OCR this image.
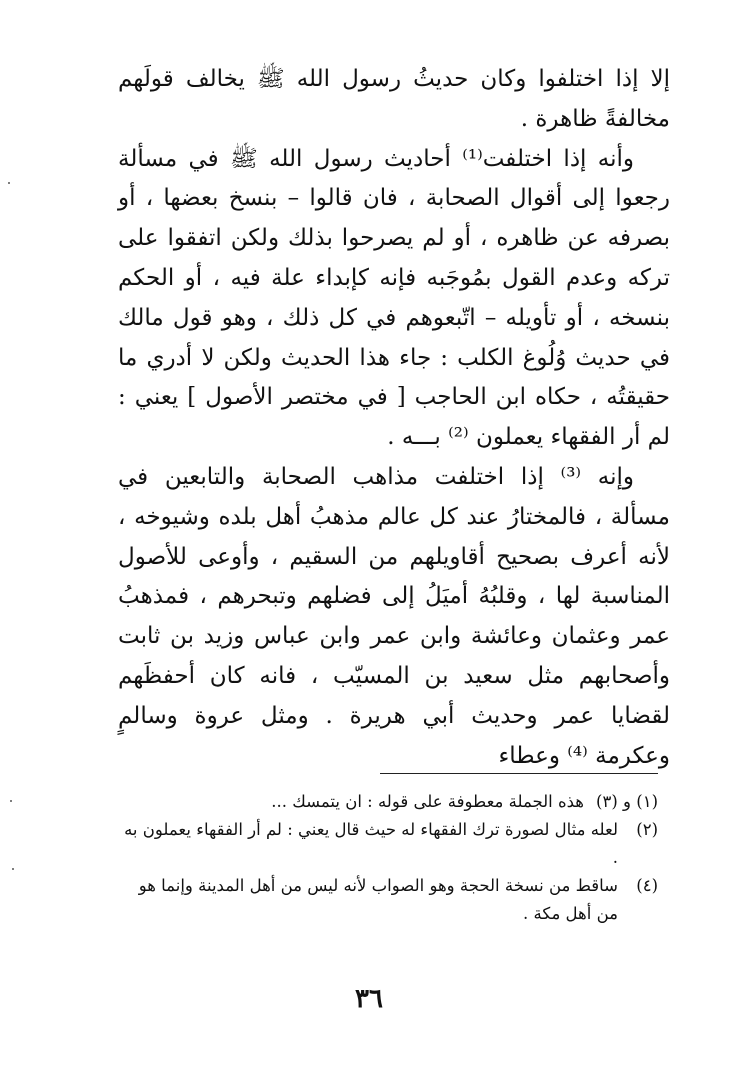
إلا إذا اختلفوا وكان حديثُ رسول الله ﷺ يخالف قولَهم مخالفةً ظاهرة .

وأنه إذا اختلفت⁽¹⁾ أحاديث رسول الله ﷺ في مسألة رجعوا إلى أقوال الصحابة ، فان قالوا – بنسخ بعضها ، أو بصرفه عن ظاهره ، أو لم يصرحوا بذلك ولكن اتفقوا على تركه وعدم القول بمُوجَبه فإنه كإبداء علة فيه ، أو الحكم بنسخه ، أو تأويله – اتّبعوهم في كل ذلك ، وهو قول مالك في حديث وُلُوغ الكلب : جاء هذا الحديث ولكن لا أدري ما حقيقتُه ، حكاه ابن الحاجب [ في مختصر الأصول ] يعني : لم أر الفقهاء يعملون ⁽²⁾ بـــه .

وإنه ⁽³⁾ إذا اختلفت مذاهب الصحابة والتابعين في مسألة ، فالمختارُ عند كل عالم مذهبُ أهل بلده وشيوخه ، لأنه أعرف بصحيح أقاويلهم من السقيم ، وأوعى للأصول المناسبة لها ، وقلبُهُ أميَلُ إلى فضلهم وتبحرهم ، فمذهبُ عمر وعثمان وعائشة وابن عمر وابن عباس وزيد بن ثابت وأصحابهم مثل سعيد بن المسيّب ، فانه كان أحفظَهم لقضايا عمر وحديث أبي هريرة . ومثل عروة وسالمٍ وعكرمة ⁽⁴⁾ وعطاء

(١) و (٣)
هذه الجملة معطوفة على قوله : ان يتمسك ...
(٢)
لعله مثال لصورة ترك الفقهاء له حيث قال يعني : لم أر الفقهاء يعملون به .
(٤)
ساقط من نسخة الحجة وهو الصواب لأنه ليس من أهل المدينة وإنما هو من أهل مكة .
٣٦
